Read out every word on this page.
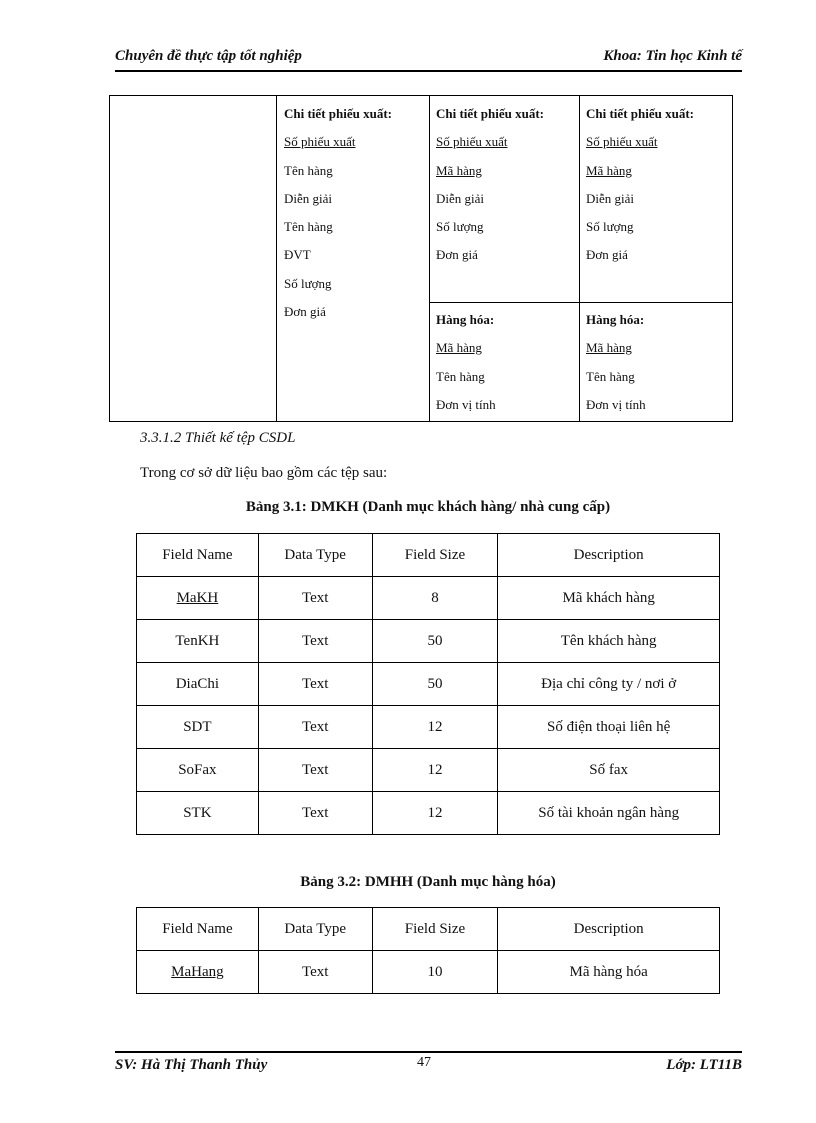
Chuyên đề thực tập tốt nghiệp	Khoa: Tin học Kinh tế
Chi tiết phiếu xuất:
Số phiếu xuất
Tên hàng
Diễn giải
Tên hàng
ĐVT
Số lượng
Đơn giá
Chi tiết phiếu xuất:
Số phiếu xuất
Mã hàng
Diễn giải
Số lượng
Đơn giá
Chi tiết phiếu xuất:
Số phiếu xuất
Mã hàng
Diễn giải
Số lượng
Đơn giá
Hàng hóa:
Mã hàng
Tên hàng
Đơn vị tính
Hàng hóa:
Mã hàng
Tên hàng
Đơn vị tính
3.3.1.2 Thiết kế tệp CSDL
Trong cơ sở dữ liệu bao gồm các tệp sau:
Bảng 3.1: DMKH (Danh mục khách hàng/ nhà cung cấp)
Field Name	Data Type	Field Size	Description
MaKH	Text	8	Mã khách hàng
TenKH	Text	50	Tên khách hàng
DiaChi	Text	50	Địa chỉ công ty / nơi ở
SDT	Text	12	Số điện thoại liên hệ
SoFax	Text	12	Số fax
STK	Text	12	Số tài khoản ngân hàng
Bảng 3.2: DMHH (Danh mục hàng hóa)
Field Name	Data Type	Field Size	Description
MaHang	Text	10	Mã hàng hóa
SV: Hà Thị Thanh Thủy	47	Lớp: LT11B
